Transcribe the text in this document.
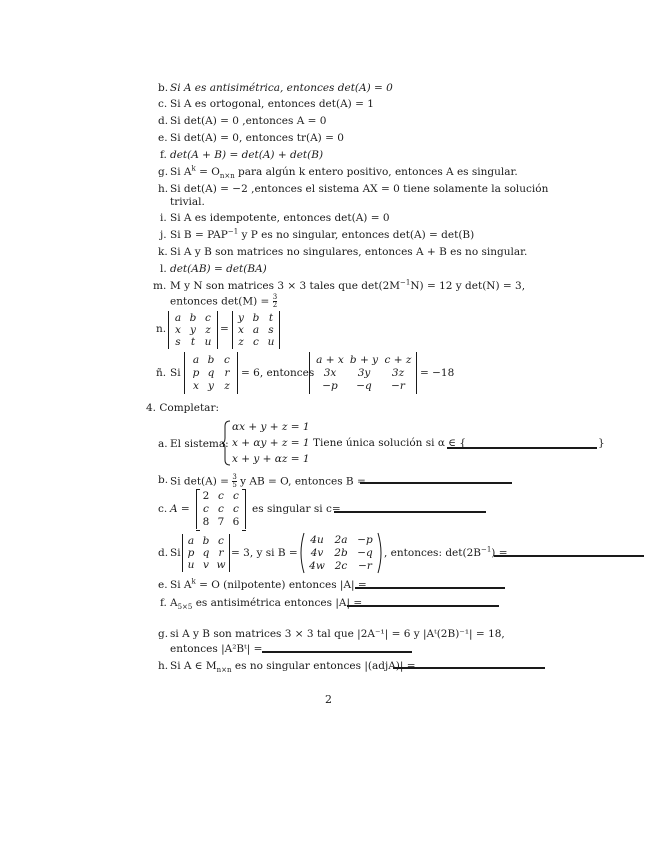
b. Si A es antisimétrica, entonces det(A) = 0
c. Si A es ortogonal, entonces det(A) = 1
d. Si det(A) = 0 ,entonces A = 0
e. Si det(A) = 0, entonces tr(A) = 0
f. det(A + B) = det(A) + det(B)
g. Si $A^k = O_{n\times n}$ para algún k entero positivo, entonces A es singular.
h. Si det(A) = −2 ,entonces el sistema AX = 0 tiene solamente la solución
trivial.
i. Si A es idempotente, entonces det(A) = 0
j. Si $B = PAP^{-1}$ y P es no singular, entonces det(A) = det(B)
k. Si A y B son matrices no singulares, entonces A + B es no singular.
l. det(AB) = det(BA)
m. M y N son matrices 3 × 3 tales que $\det(2M^{-1}N) = 12$ y det(N) = 3,
entonces $\det(M) = \frac{3}{2}$
n.
a b c
x y z
s t u
=
y b t
x a s
z c u
ñ. Si
a b c
p q r
x y z
= 6, entonces
a + x b + y c + z
3x	3y	3z
−p	−q	−r
= −18
4. Completar:
a. El sistema:
αx + y + z = 1
x + αy + z = 1
x + y + αz = 1
Tiene única solución si α ∈ {	}
b. Si $\det(A) = \frac{3}{5}$ y AB = O, entonces B =
c. A =
2 c c
c c c
8 7 6
es singular si c=
d. Si
a b c
p q r
u v w
= 3, y si B =
4u	2a −p
4v	2b −q
4w 2c	−r
, entonces: $\det(2B^{-1})$ =
e. Si $A^k = O$ (nilpotente) entonces |A| =
f. $A_{5\times 5}$ es antisimétrica entonces |A| =
g. si A y B son matrices 3 × 3 tal que |2A⁻¹| = 6 y |Aᵗ(2B)⁻¹| = 18,
entonces |A²Bᵗ| =
h. Si A ∈ $M_{n\times n}$ es no singular entonces |(adjA)| =
2
